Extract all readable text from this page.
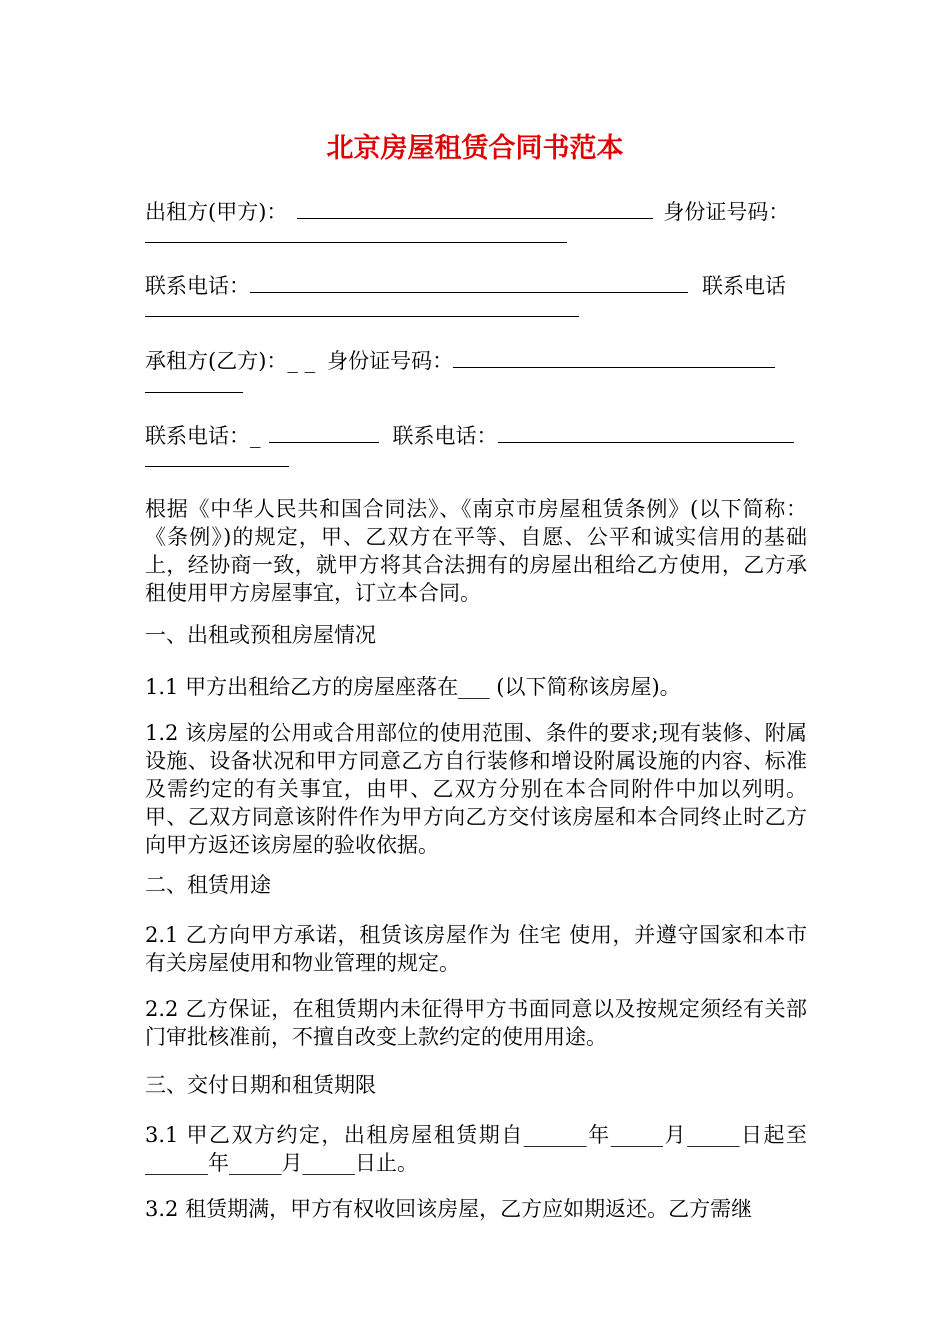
北京房屋租赁合同书范本
出租方(甲方)：	身份证号码：
联系电话：	联系电话
承租方(乙方)：_ _ 身份证号码：
联系电话：_	联系电话：
根据《中华人民共和国合同法》、《南京市房屋租赁条例》(以下简称：《条例》)的规定，甲、乙双方在平等、自愿、公平和诚实信用的基础上，经协商一致，就甲方将其合法拥有的房屋出租给乙方使用，乙方承租使用甲方房屋事宜，订立本合同。
一、出租或预租房屋情况
1.1 甲方出租给乙方的房屋座落在___ (以下简称该房屋)。
1.2 该房屋的公用或合用部位的使用范围、条件的要求;现有装修、附属设施、设备状况和甲方同意乙方自行装修和增设附属设施的内容、标准及需约定的有关事宜，由甲、乙双方分别在本合同附件中加以列明。甲、乙双方同意该附件作为甲方向乙方交付该房屋和本合同终止时乙方向甲方返还该房屋的验收依据。
二、租赁用途
2.1 乙方向甲方承诺，租赁该房屋作为 住宅 使用，并遵守国家和本市有关房屋使用和物业管理的规定。
2.2 乙方保证，在租赁期内未征得甲方书面同意以及按规定须经有关部门审批核准前，不擅自改变上款约定的使用用途。
三、交付日期和租赁期限
3.1 甲乙双方约定，出租房屋租赁期自______年_____月_____日起至______年_____月_____日止。
3.2 租赁期满，甲方有权收回该房屋，乙方应如期返还。乙方需继
